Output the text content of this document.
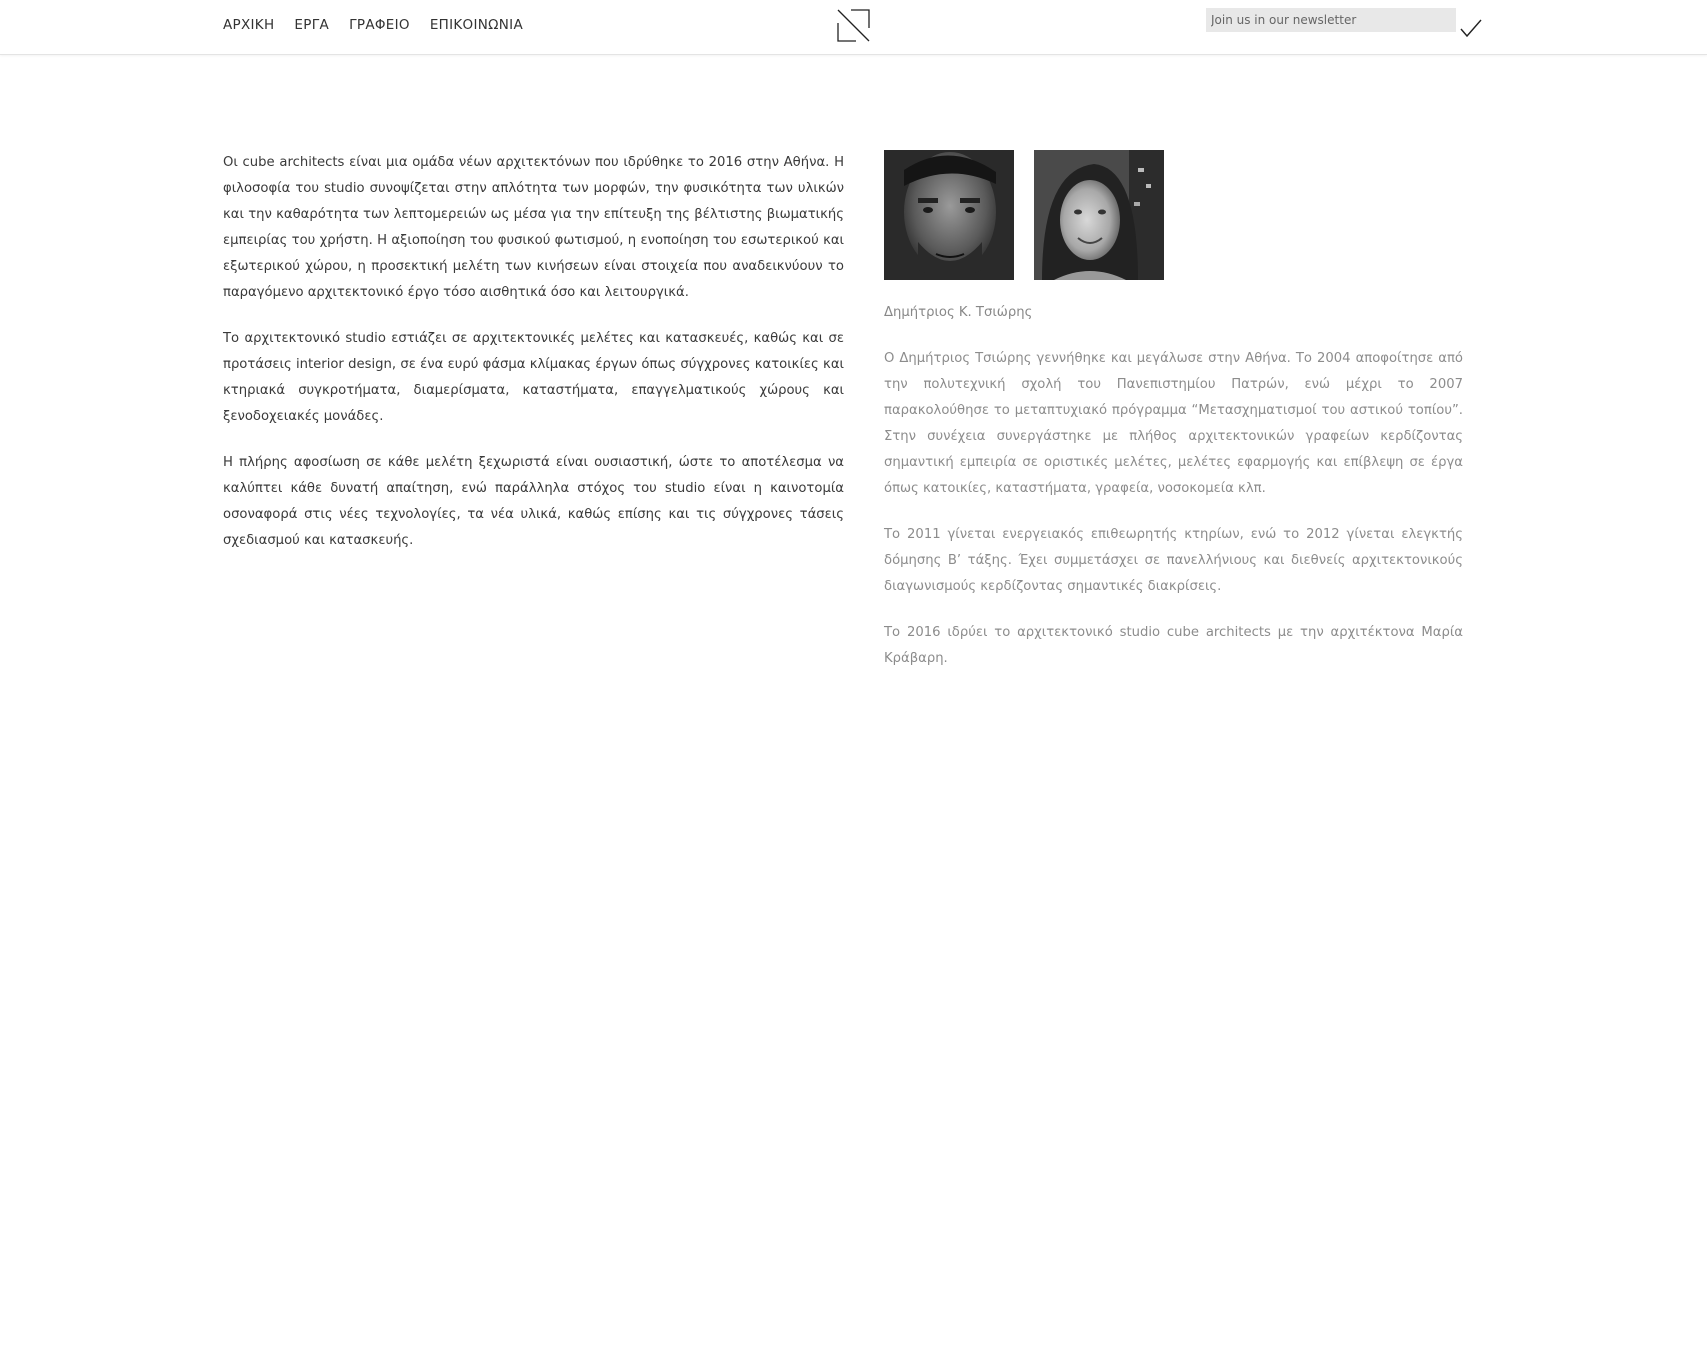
ΑΡΧΙΚΗ ΕΡΓΑ ΓΡΑΦΕΙΟ ΕΠΙΚΟΙΝΩΝΙΑ
Join us in our newsletter

Οι cube architects είναι μια ομάδα νέων αρχιτεκτόνων που ιδρύθηκε το 2016 στην Αθήνα. Η φιλοσοφία του studio συνοψίζεται στην απλότητα των μορφών, την φυσικότητα των υλικών και την καθαρότητα των λεπτομερειών ως μέσα για την επίτευξη της βέλτιστης βιωματικής εμπειρίας του χρήστη. Η αξιοποίηση του φυσικού φωτισμού, η ενοποίηση του εσωτερικού και εξωτερικού χώρου, η προσεκτική μελέτη των κινήσεων είναι στοιχεία που αναδεικνύουν το παραγόμενο αρχιτεκτονικό έργο τόσο αισθητικά όσο και λειτουργικά.

Το αρχιτεκτονικό studio εστιάζει σε αρχιτεκτονικές μελέτες και κατασκευές, καθώς και σε προτάσεις interior design, σε ένα ευρύ φάσμα κλίμακας έργων όπως σύγχρονες κατοικίες και κτηριακά συγκροτήματα, διαμερίσματα, καταστήματα, επαγγελματικούς χώρους και ξενοδοχειακές μονάδες.

Η πλήρης αφοσίωση σε κάθε μελέτη ξεχωριστά είναι ουσιαστική, ώστε το αποτέλεσμα να καλύπτει κάθε δυνατή απαίτηση, ενώ παράλληλα στόχος του studio είναι η καινοτομία οσοναφορά στις νέες τεχνολογίες, τα νέα υλικά, καθώς επίσης και τις σύγχρονες τάσεις σχεδιασμού και κατασκευής.

Δημήτριος Κ. Τσιώρης

Ο Δημήτριος Τσιώρης γεννήθηκε και μεγάλωσε στην Αθήνα. Το 2004 αποφοίτησε από την πολυτεχνική σχολή του Πανεπιστημίου Πατρών, ενώ μέχρι το 2007 παρακολούθησε το μεταπτυχιακό πρόγραμμα “Μετασχηματισμοί του αστικού τοπίου”. Στην συνέχεια συνεργάστηκε με πλήθος αρχιτεκτονικών γραφείων κερδίζοντας σημαντική εμπειρία σε οριστικές μελέτες, μελέτες εφαρμογής και επίβλεψη σε έργα όπως κατοικίες, καταστήματα, γραφεία, νοσοκομεία κλπ.

Το 2011 γίνεται ενεργειακός επιθεωρητής κτηρίων, ενώ το 2012 γίνεται ελεγκτής δόμησης Β’ τάξης. Έχει συμμετάσχει σε πανελλήνιους και διεθνείς αρχιτεκτονικούς διαγωνισμούς κερδίζοντας σημαντικές διακρίσεις.

Το 2016 ιδρύει το αρχιτεκτονικό studio cube architects με την αρχιτέκτονα Μαρία Κράβαρη.
